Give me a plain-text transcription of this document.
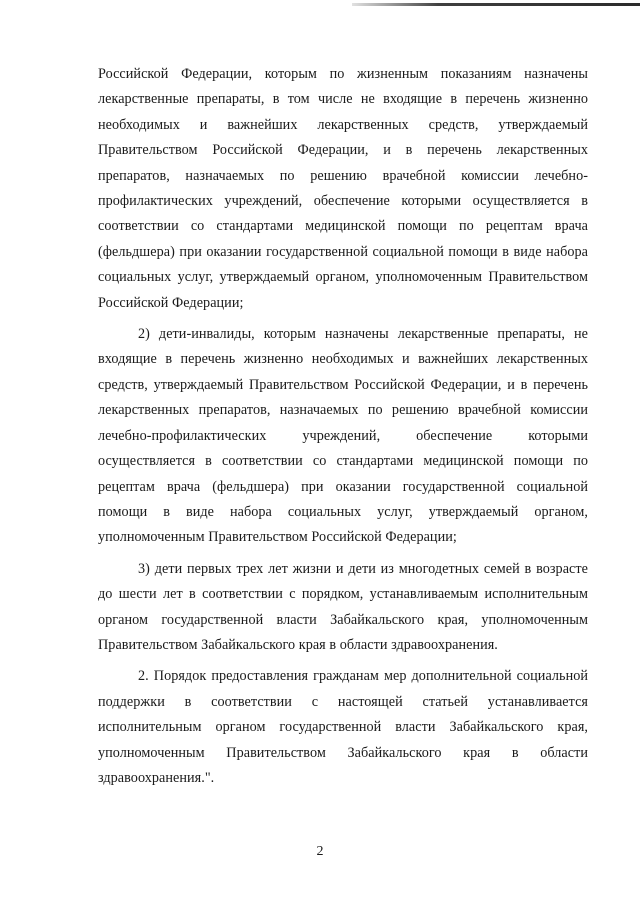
Российской Федерации, которым по жизненным показаниям назначены лекарственные препараты, в том числе не входящие в перечень жизненно необходимых и важнейших лекарственных средств, утверждаемый Правительством Российской Федерации, и в перечень лекарственных препаратов, назначаемых по решению врачебной комиссии лечебно-профилактических учреждений, обеспечение которыми осуществляется в соответствии со стандартами медицинской помощи по рецептам врача (фельдшера) при оказании государственной социальной помощи в виде набора социальных услуг, утверждаемый органом, уполномоченным Правительством Российской Федерации;

2) дети-инвалиды, которым назначены лекарственные препараты, не входящие в перечень жизненно необходимых и важнейших лекарственных средств, утверждаемый Правительством Российской Федерации, и в перечень лекарственных препаратов, назначаемых по решению врачебной комиссии лечебно-профилактических учреждений, обеспечение которыми осуществляется в соответствии со стандартами медицинской помощи по рецептам врача (фельдшера) при оказании государственной социальной помощи в виде набора социальных услуг, утверждаемый органом, уполномоченным Правительством Российской Федерации;

3) дети первых трех лет жизни и дети из многодетных семей в возрасте до шести лет в соответствии с порядком, устанавливаемым исполнительным органом государственной власти Забайкальского края, уполномоченным Правительством Забайкальского края в области здравоохранения.

2. Порядок предоставления гражданам мер дополнительной социальной поддержки в соответствии с настоящей статьей устанавливается исполнительным органом государственной власти Забайкальского края, уполномоченным Правительством Забайкальского края в области здравоохранения.".

2
